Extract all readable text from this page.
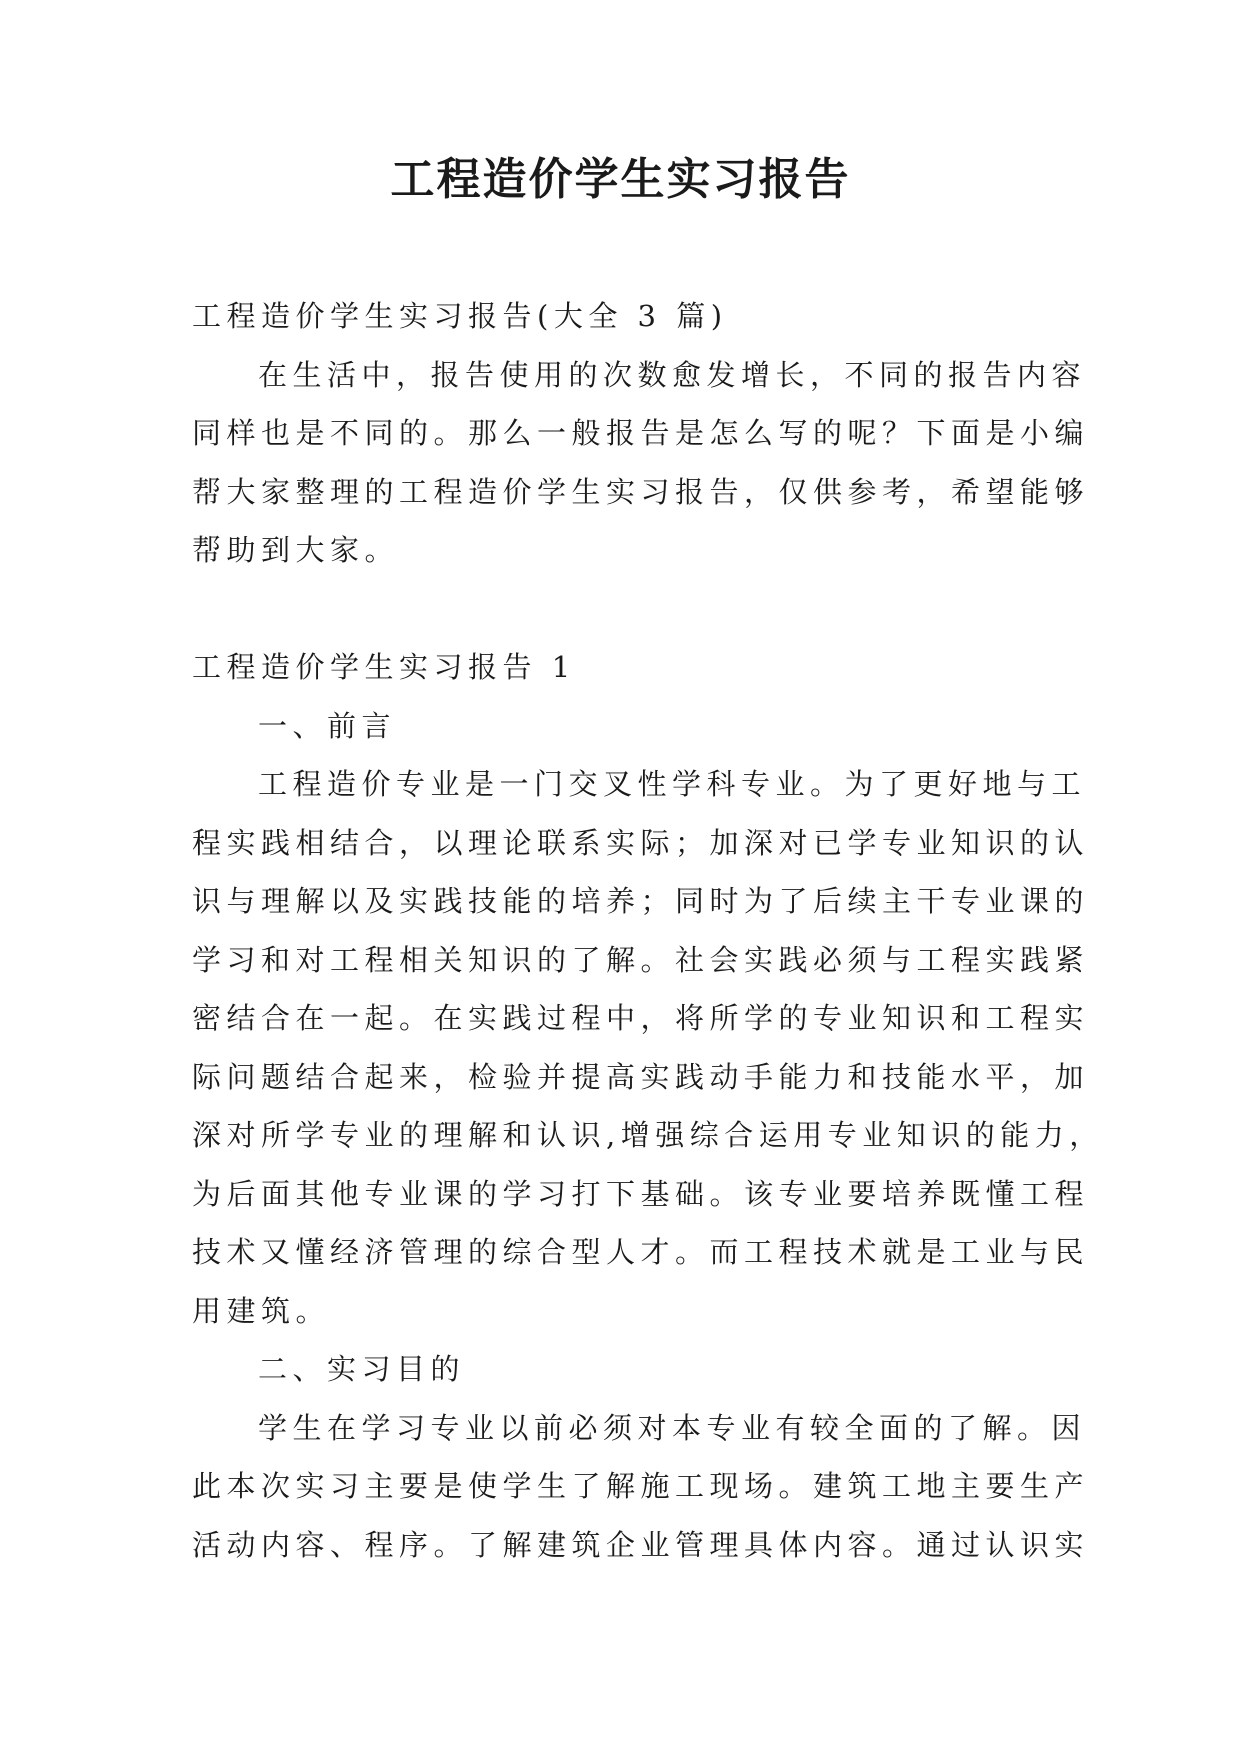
工程造价学生实习报告

工程造价学生实习报告(大全 3 篇)

在生活中，报告使用的次数愈发增长，不同的报告内容

同样也是不同的。那么一般报告是怎么写的呢？下面是小编

帮大家整理的工程造价学生实习报告，仅供参考，希望能够

帮助到大家。

工程造价学生实习报告 1

一、前言

工程造价专业是一门交叉性学科专业。为了更好地与工

程实践相结合，以理论联系实际；加深对已学专业知识的认

识与理解以及实践技能的培养；同时为了后续主干专业课的

学习和对工程相关知识的了解。社会实践必须与工程实践紧

密结合在一起。在实践过程中，将所学的专业知识和工程实

际问题结合起来，检验并提高实践动手能力和技能水平，加

深对所学专业的理解和认识,增强综合运用专业知识的能力，

为后面其他专业课的学习打下基础。该专业要培养既懂工程

技术又懂经济管理的综合型人才。而工程技术就是工业与民

用建筑。

二、实习目的

学生在学习专业以前必须对本专业有较全面的了解。因

此本次实习主要是使学生了解施工现场。建筑工地主要生产

活动内容、程序。了解建筑企业管理具体内容。通过认识实
